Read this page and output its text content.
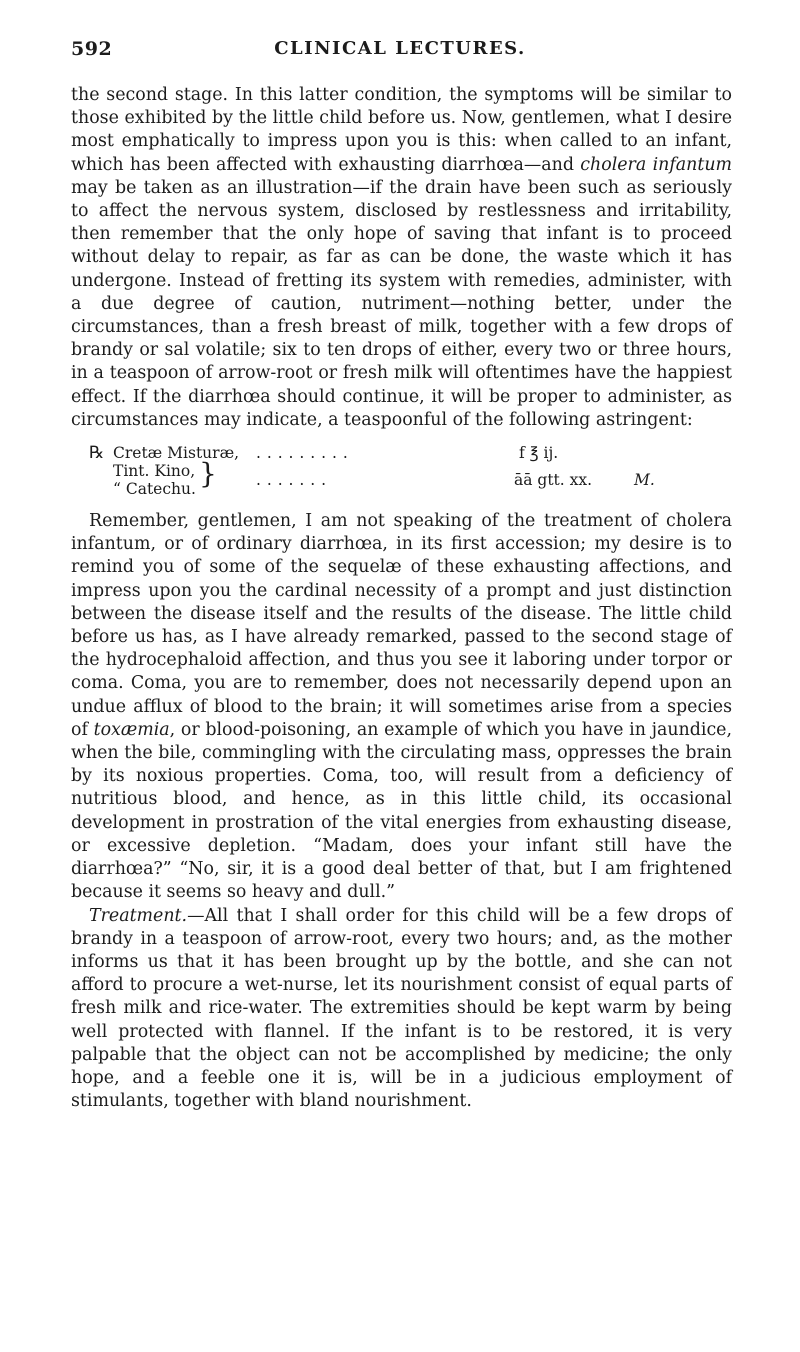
592	CLINICAL LECTURES.

the second stage. In this latter condition, the symptoms will be similar to those exhibited by the little child before us. Now, gentlemen, what I desire most emphatically to impress upon you is this: when called to an infant, which has been affected with exhausting diarrhœa—and cholera infantum may be taken as an illustration—if the drain have been such as seriously to affect the nervous system, disclosed by restlessness and irritability, then remember that the only hope of saving that infant is to proceed without delay to repair, as far as can be done, the waste which it has undergone. Instead of fretting its system with remedies, administer, with a due degree of caution, nutriment—nothing better, under the circumstances, than a fresh breast of milk, together with a few drops of brandy or sal volatile; six to ten drops of either, every two or three hours, in a teaspoon of arrow-root or fresh milk will oftentimes have the happiest effect. If the diarrhœa should continue, it will be proper to administer, as circumstances may indicate, a teaspoonful of the following astringent:

℞ Cretæ Misturæ, . . . . . . . . .	f ℥ ij.
Tint. Kino,
“ Catechu. }	. . . . . . .	āā gtt. xx.	M.

Remember, gentlemen, I am not speaking of the treatment of cholera infantum, or of ordinary diarrhœa, in its first accession; my desire is to remind you of some of the sequelæ of these exhausting affections, and impress upon you the cardinal necessity of a prompt and just distinction between the disease itself and the results of the disease. The little child before us has, as I have already remarked, passed to the second stage of the hydrocephaloid affection, and thus you see it laboring under torpor or coma. Coma, you are to remember, does not necessarily depend upon an undue afflux of blood to the brain; it will sometimes arise from a species of toxæmia, or blood-poisoning, an example of which you have in jaundice, when the bile, commingling with the circulating mass, oppresses the brain by its noxious properties. Coma, too, will result from a deficiency of nutritious blood, and hence, as in this little child, its occasional development in prostration of the vital energies from exhausting disease, or excessive depletion. “Madam, does your infant still have the diarrhœa?” “No, sir, it is a good deal better of that, but I am frightened because it seems so heavy and dull.”

Treatment.—All that I shall order for this child will be a few drops of brandy in a teaspoon of arrow-root, every two hours; and, as the mother informs us that it has been brought up by the bottle, and she can not afford to procure a wet-nurse, let its nourishment consist of equal parts of fresh milk and rice-water. The extremities should be kept warm by being well protected with flannel. If the infant is to be restored, it is very palpable that the object can not be accomplished by medicine; the only hope, and a feeble one it is, will be in a judicious employment of stimulants, together with bland nourishment.
